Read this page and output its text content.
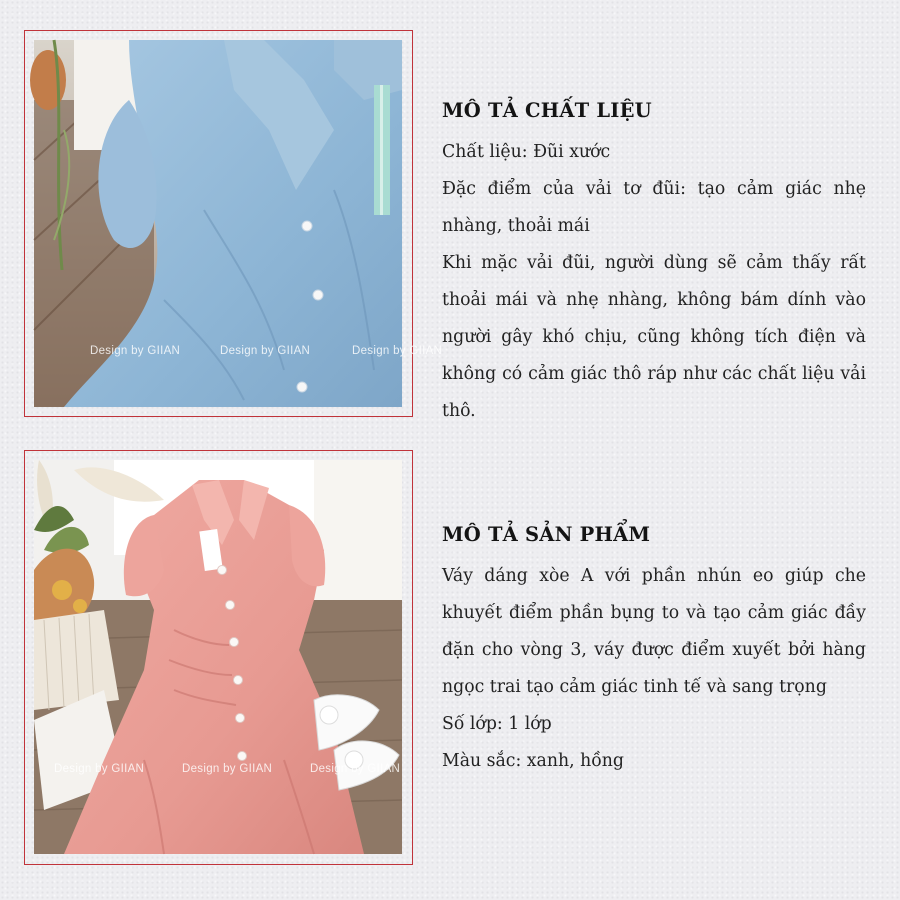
Design by GIIAN	Design by GIIAN	Design by GIIAN
Design by GIIAN	Design by GIIAN	Design by GIIAN
MÔ TẢ CHẤT LIỆU

Chất liệu: Đũi xước

Đặc điểm của vải tơ đũi: tạo cảm giác nhẹ nhàng, thoải mái

Khi mặc vải đũi, người dùng sẽ cảm thấy rất thoải mái và nhẹ nhàng, không bám dính vào người gây khó chịu, cũng không tích điện và không có cảm giác thô ráp như các chất liệu vải thô.

MÔ TẢ SẢN PHẨM

Váy dáng xòe A với phần nhún eo giúp che khuyết điểm phần bụng to và tạo cảm giác đầy đặn cho vòng 3, váy được điểm xuyết bởi hàng ngọc trai tạo cảm giác tinh tế và sang trọng

Số lớp: 1 lớp

Màu sắc: xanh, hồng
